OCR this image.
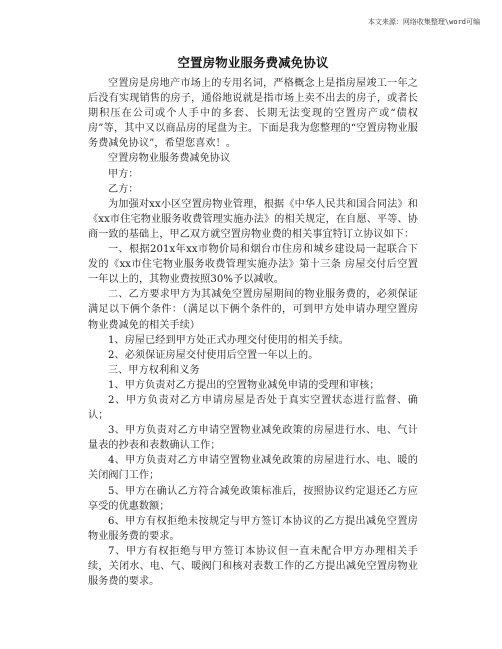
本文来源：网络收集整理\word可编
空置房物业服务费减免协议

空置房是房地产市场上的专用名词，严格概念上是指房屋竣工一年之后没有实现销售的房子，通俗地说就是指市场上卖不出去的房子，或者长期积压在公司或个人手中的多套、长期无法变现的空置房产或“债权房”等，其中又以商品房的尾盘为主。下面是我为您整理的“空置房物业服务费减免协议”，希望您喜欢！。

空置房物业服务费减免协议

甲方：

乙方：

为加强对xx小区空置房物业管理，根据《中华人民共和国合同法》和《xx市住宅物业服务收费管理实施办法》的相关规定，在自愿、平等、协商一致的基础上，甲乙双方就空置房物业费的相关事宜特订立协议如下：

一、根据201x年xx市物价局和烟台市住房和城乡建设局一起联合下发的《xx市住宅物业服务收费管理实施办法》第十三条 房屋交付后空置一年以上的，其物业费按照30%予以减收。

二、乙方要求甲方为其减免空置房屋期间的物业服务费的，必须保证满足以下俩个条件：（满足以下俩个条件的，可到甲方处申请办理空置房物业费减免的相关手续）

1、房屋已经到甲方处正式办理交付使用的相关手续。

2、必须保证房屋交付使用后空置一年以上的。

三、甲方权利和义务

1、甲方负责对乙方提出的空置物业减免申请的受理和审核；

2、甲方负责对乙方申请房屋是否处于真实空置状态进行监督、确认；

3、甲方负责对乙方申请空置物业减免政策的房屋进行水、电、气计量表的抄表和表数确认工作；

4、甲方负责对乙方申请空置物业减免政策的房屋进行水、电、暖的关闭阀门工作；

5、甲方在确认乙方符合减免政策标准后，按照协议约定退还乙方应享受的优惠数额；

6、甲方有权拒绝未按规定与甲方签订本协议的乙方提出减免空置房物业服务费的要求。

7、甲方有权拒绝与甲方签订本协议但一直未配合甲方办理相关手续，关闭水、电、气、暖阀门和核对表数工作的乙方提出减免空置房物业服务费的要求。
